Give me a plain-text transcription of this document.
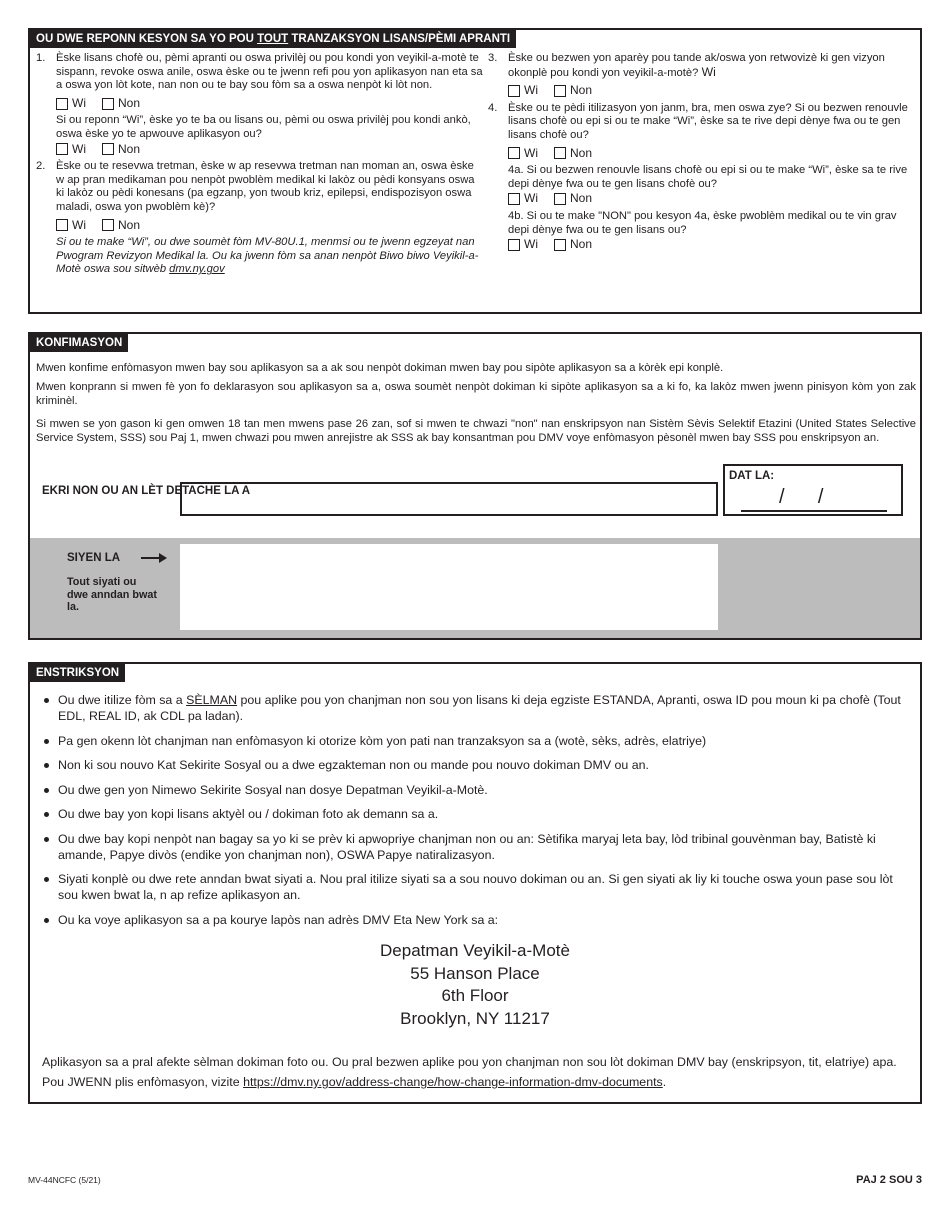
OU DWE REPONN KESYON SA YO POU TOUT TRANZAKSYON LISANS/PÈMI APRANTI
1. Èske lisans chofè ou, pèmi apranti ou oswa privilèj ou pou kondi yon veyikil-a-motè te sispann, revoke oswa anile, oswa èske ou te jwenn refi pou yon aplikasyon nan eta sa a oswa yon lòt kote, nan non ou te bay sou fòm sa a oswa nenpòt ki lòt non.
Wi	Non
Si ou reponn “Wi”, èske yo te ba ou lisans ou, pèmi ou oswa privilèj pou kondi ankò, oswa èske yo te apwouve aplikasyon ou?
Wi	Non
2. Èske ou te resevwa tretman, èske w ap resevwa tretman nan moman an, oswa èske w ap pran medikaman pou nenpòt pwoblèm medikal ki lakòz ou pèdi konsyans oswa ki lakòz ou pèdi konesans (pa egzanp, yon twoub kriz, epilepsi, endispozisyon oswa maladi, oswa yon pwoblèm kè)?
Wi	Non
Si ou te make “Wi”, ou dwe soumèt fòm MV-80U.1, menmsi ou te jwenn egzeyat nan Pwogram Revizyon Medikal la. Ou ka jwenn fòm sa anan nenpòt Biwo biwo Veyikil-a-Motè oswa sou sitwèb dmv.ny.gov
3. Èske ou bezwen yon aparèy pou tande ak/oswa yon retwovizè ki gen vizyon okonplè pou kondi yon veyikil-a-motè? Wi
Wi	Non
4. Èske ou te pèdi itilizasyon yon janm, bra, men oswa zye? Si ou bezwen renouvle lisans chofè ou epi si ou te make “Wi”, èske sa te rive depi dènye fwa ou te gen lisans chofè ou?
Wi	Non
4a. Si ou bezwen renouvle lisans chofè ou epi si ou te make “Wi”, èske sa te rive depi dènye fwa ou te gen lisans chofè ou?
Wi	Non
4b. Si ou te make "NON" pou kesyon 4a, èske pwoblèm medikal ou te vin grav depi dènye fwa ou te gen lisans ou?
Wi	Non
KONFIMASYON
Mwen konfime enfòmasyon mwen bay sou aplikasyon sa a ak sou nenpòt dokiman mwen bay pou sipòte aplikasyon sa a kòrèk epi konplè.
Mwen konprann si mwen fè yon fo deklarasyon sou aplikasyon sa a, oswa soumèt nenpòt dokiman ki sipòte aplikasyon sa a ki fo, ka lakòz mwen jwenn pinisyon kòm yon zak kriminèl.
Si mwen se yon gason ki gen omwen 18 tan men mwens pase 26 zan, sof si mwen te chwazi "non" nan enskripsyon nan Sistèm Sèvis Selektif Etazini (United States Selective Service System, SSS) sou Paj 1, mwen chwazi pou mwen anrejistre ak SSS ak bay konsantman pou DMV voye enfòmasyon pèsonèl mwen bay SSS pou enskripsyon an.
EKRI NON OU AN LÈT DETACHE LA A
DAT LA:
/      /
SIYEN LA
Tout siyati ou dwe anndan bwat la.
ENSTRIKSYON
Ou dwe itilize fòm sa a SÈLMAN pou aplike pou yon chanjman non sou yon lisans ki deja egziste ESTANDA, Apranti, oswa ID pou moun ki pa chofè (Tout EDL, REAL ID, ak CDL pa ladan).
Pa gen okenn lòt chanjman nan enfòmasyon ki otorize kòm yon pati nan tranzaksyon sa a (wotè, sèks, adrès, elatriye)
Non ki sou nouvo Kat Sekirite Sosyal ou a dwe egzakteman non ou mande pou nouvo dokiman DMV ou an.
Ou dwe gen yon Nimewo Sekirite Sosyal nan dosye Depatman Veyikil-a-Motè.
Ou dwe bay yon kopi lisans aktyèl ou / dokiman foto ak demann sa a.
Ou dwe bay kopi nenpòt nan bagay sa yo ki se prèv ki apwopriye chanjman non ou an: Sètifika maryaj leta bay, lòd tribinal gouvènman bay, Batistè ki amande, Papye divòs (endike yon chanjman non), OSWA Papye natiralizasyon.
Siyati konplè ou dwe rete anndan bwat siyati a. Nou pral itilize siyati sa a sou nouvo dokiman ou an. Si gen siyati ak liy ki touche oswa youn pase sou lòt sou kwen bwat la, n ap refize aplikasyon an.
Ou ka voye aplikasyon sa a pa kourye lapòs nan adrès DMV Eta New York sa a:
Depatman Veyikil-a-Motè
55 Hanson Place
6th Floor
Brooklyn, NY 11217
Aplikasyon sa a pral afekte sèlman dokiman foto ou. Ou pral bezwen aplike pou yon chanjman non sou lòt dokiman DMV bay (enskripsyon, tit, elatriye) apa. Pou JWENN plis enfòmasyon, vizite https://dmv.ny.gov/address-change/how-change-information-dmv-documents.
MV-44NCFC (5/21)	PAJ 2 SOU 3
